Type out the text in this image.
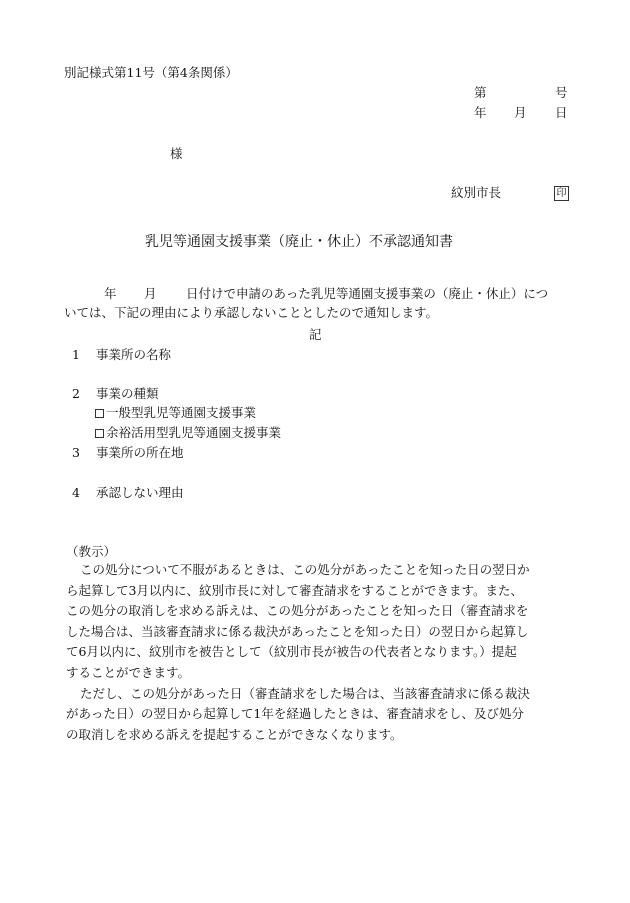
別記様式第11号（第4条関係）
第	号
年 月 日
様
紋別市長	印
乳児等通園支援事業（廃止・休止）不承認通知書
年 月 日付けで申請のあった乳児等通園支援事業の（廃止・休止）につ
いては、下記の理由により承認しないこととしたので通知します。
記
1 事業所の名称
2 事業の種類
一般型乳児等通園支援事業
余裕活用型乳児等通園支援事業
3 事業所の所在地
4 承認しない理由
（教示）
この処分について不服があるときは、この処分があったことを知った日の翌日か
ら起算して3月以内に、紋別市長に対して審査請求をすることができます。また、
この処分の取消しを求める訴えは、この処分があったことを知った日（審査請求を
した場合は、当該審査請求に係る裁決があったことを知った日）の翌日から起算し
て6月以内に、紋別市を被告として（紋別市長が被告の代表者となります。）提起
することができます。
ただし、この処分があった日（審査請求をした場合は、当該審査請求に係る裁決
があった日）の翌日から起算して1年を経過したときは、審査請求をし、及び処分
の取消しを求める訴えを提起することができなくなります。
